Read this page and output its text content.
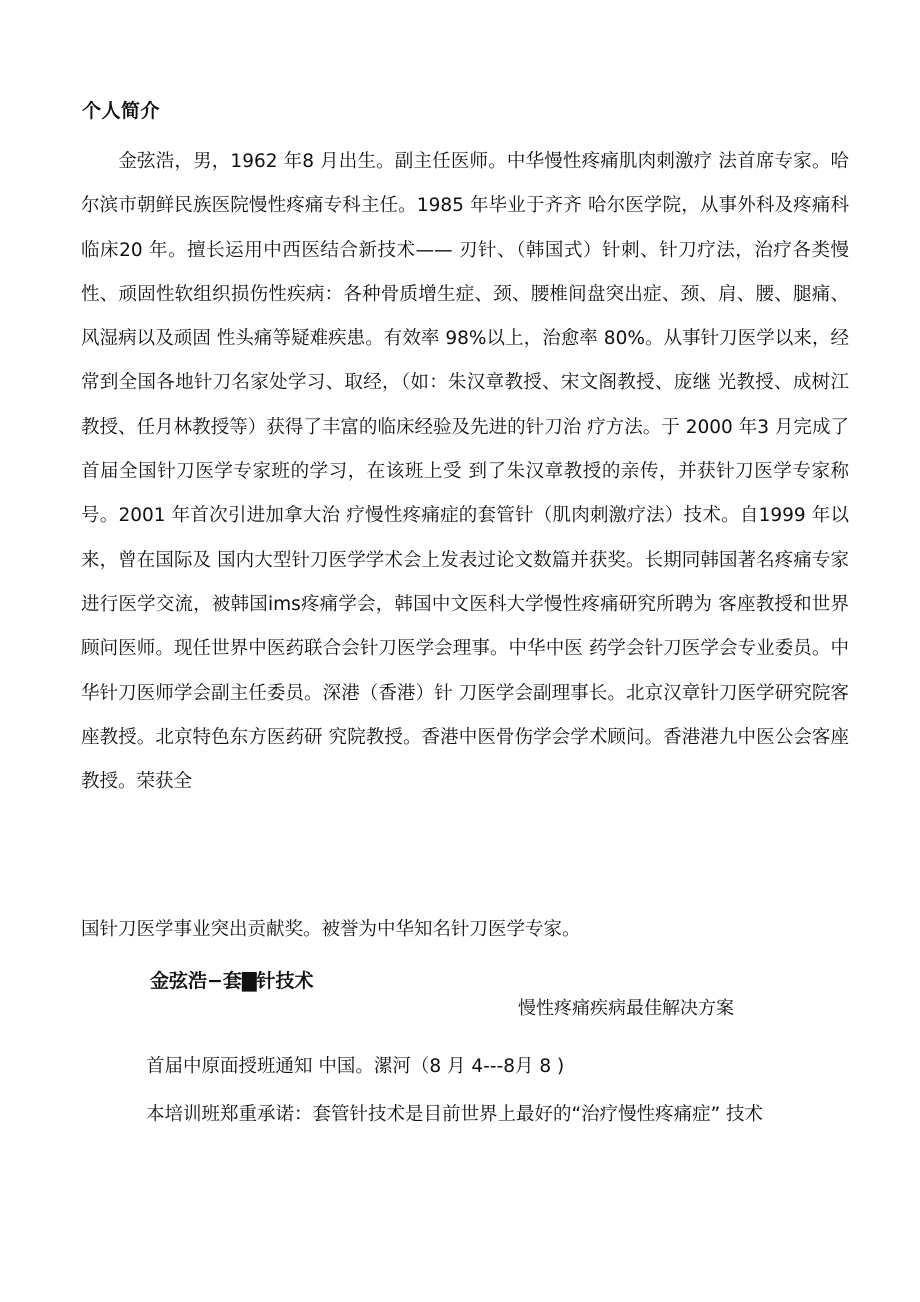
个人简介

　　金弦浩，男，1962 年8 月出生。副主任医师。中华慢性疼痛肌肉刺激疗 法首席专家。哈尔滨市朝鲜民族医院慢性疼痛专科主任。1985 年毕业于齐齐 哈尔医学院，从事外科及疼痛科临床20 年。擅长运用中西医结合新技术—— 刃针、（韩国式）针刺、针刀疗法，治疗各类慢性、顽固性软组织损伤性疾病：各种骨质增生症、颈、腰椎间盘突出症、颈、肩、腰、腿痛、风湿病以及顽固 性头痛等疑难疾患。有效率 98%以上，治愈率 80%。从事针刀医学以来，经 常到全国各地针刀名家处学习、取经，（如：朱汉章教授、宋文阁教授、庞继 光教授、成树江教授、任月林教授等）获得了丰富的临床经验及先进的针刀治 疗方法。于 2000 年3 月完成了首届全国针刀医学专家班的学习，在该班上受 到了朱汉章教授的亲传，并获针刀医学专家称号。2001 年首次引进加拿大治 疗慢性疼痛症的套管针（肌肉刺激疗法）技术。自1999 年以来，曾在国际及 国内大型针刀医学学术会上发表过论文数篇并获奖。长期同韩国著名疼痛专家 进行医学交流，被韩国ims疼痛学会，韩国中文医科大学慢性疼痛研究所聘为 客座教授和世界顾问医师。现任世界中医药联合会针刀医学会理事。中华中医 药学会针刀医学会专业委员。中华针刀医师学会副主任委员。深港（香港）针 刀医学会副理事长。北京汉章针刀医学研究院客座教授。北京特色东方医药研 究院教授。香港中医骨伤学会学术顾问。香港港九中医公会客座教授。荣获全

国针刀医学事业突出贡献奖。被誉为中华知名针刀医学专家。

金弦浩−套▇针技术

慢性疼痛疾病最佳解决方案

首届中原面授班通知 中国。漯河（8 月 4---8月 8 )

本培训班郑重承诺：套管针技术是目前世界上最好的“治疗慢性疼痛症” 技术
